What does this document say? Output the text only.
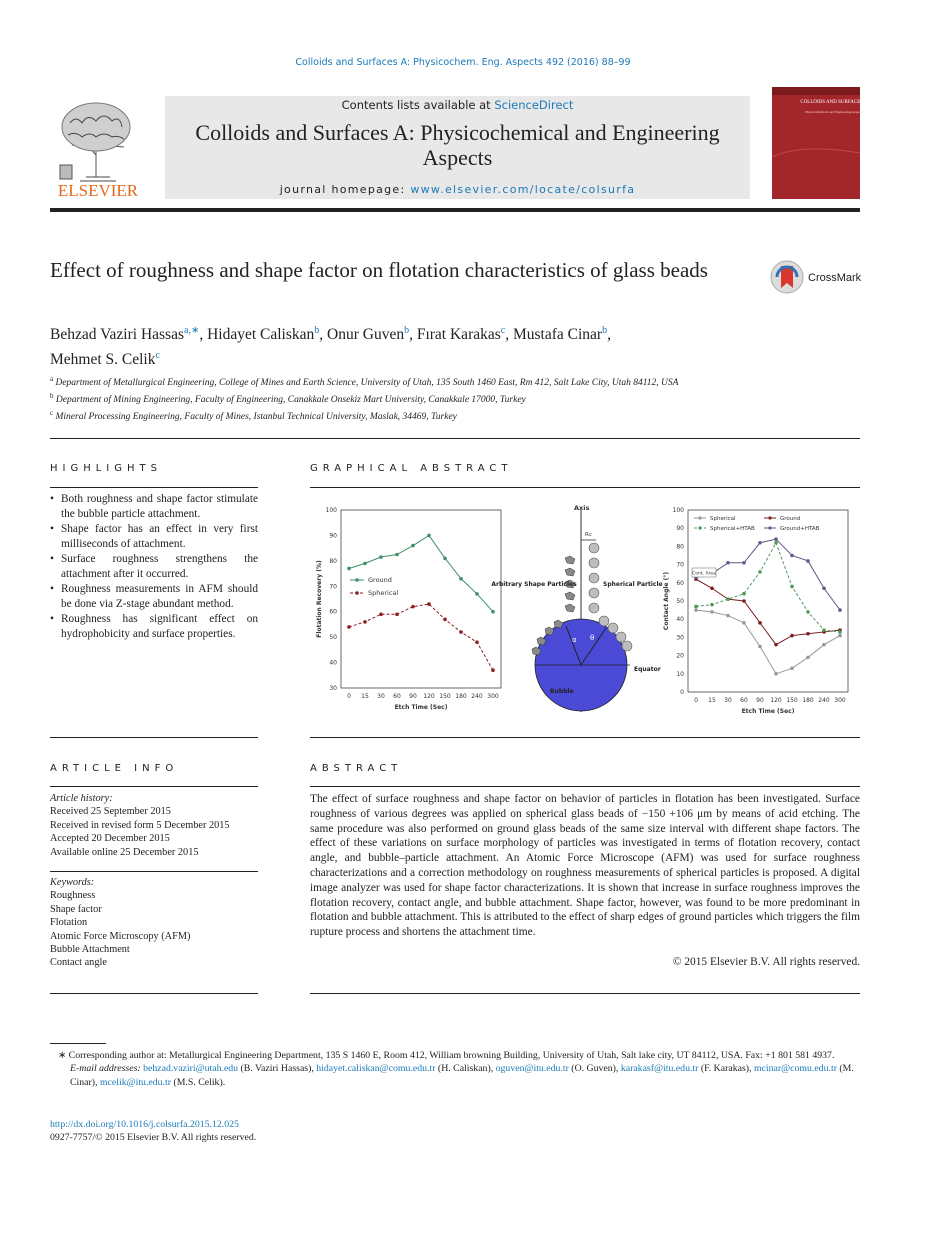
Colloids and Surfaces A: Physicochem. Eng. Aspects 492 (2016) 88–99
ELSEVIER
Contents lists available at ScienceDirect
Colloids and Surfaces A: Physicochemical and Engineering Aspects
journal homepage: www.elsevier.com/locate/colsurfa
COLLOIDS AND SURFACES A
Physicochemical and Engineering Aspects
Effect of roughness and shape factor on flotation characteristics of glass beads	CrossMark
Behzad Vaziri Hassas$^{a,∗}$, Hidayet Caliskan$^b$, Onur Guven$^b$, Fırat Karakas$^c$, Mustafa Cinar$^b$,
Mehmet S. Celik$^c$
$^a$ Department of Metallurgical Engineering, College of Mines and Earth Science, University of Utah, 135 South 1460 East, Rm 412, Salt Lake City, Utah 84112, USA
$^b$ Department of Mining Engineering, Faculty of Engineering, Canakkale Onsekiz Mart University, Canakkale 17000, Turkey
$^c$ Mineral Processing Engineering, Faculty of Mines, Istanbul Technical University, Maslak, 34469, Turkey
HIGHLIGHTS
• Both roughness and shape factor stimulate the bubble particle attachment.
• Shape factor has an effect in very first milliseconds of attachment.
• Surface roughness strengthens the attachment after it occurred.
• Roughness measurements in AFM should be done via Z-stage abundant method.
• Roughness has significant effect on hydrophobicity and surface properties.
GRAPHICAL ABSTRACT
0 15 30 60 90 120 150 180 240 300
30
40
50
60
70
80
90
100
Etch Time (Sec)
Flotation Recovery (%)	Ground
Spherical
0 15 30 60 90 120 150 180 240 300
0
10
20
30
40
50
60
70
80
90
100
Etch Time (Sec)
Contact Angle (°)
Spherical	Ground
Spherical+HTAB	Ground+HTAB
Cont. Area
Axis
Rc
θ
α
Bubble
Equator
Arbitrary Shape Particles	Spherical Particle
ARTICLE INFO
Article history:
Received 25 September 2015
Received in revised form 5 December 2015
Accepted 20 December 2015
Available online 25 December 2015
Keywords:
Roughness
Shape factor
Flotation
Atomic Force Microscopy (AFM)
Bubble Attachment
Contact angle
ABSTRACT
The effect of surface roughness and shape factor on behavior of particles in flotation has been investigated. Surface roughness of various degrees was applied on spherical glass beads of −150 +106 μm by means of acid etching. The same procedure was also performed on ground glass beads of the same size interval with different shape factors. The effect of these variations on surface morphology of particles was investigated in terms of flotation recovery, contact angle, and bubble–particle attachment. An Atomic Force Microscope (AFM) was used for surface roughness characterizations and a correction methodology on roughness measurements of spherical particles is proposed. A digital image analyzer was used for shape factor characterizations. It is shown that increase in surface roughness improves the flotation recovery, contact angle, and bubble attachment. Shape factor, however, was found to be more predominant in flotation and bubble attachment. This is attributed to the effect of sharp edges of ground particles which triggers the film rupture process and shortens the attachment time.
© 2015 Elsevier B.V. All rights reserved.
∗ Corresponding author at: Metallurgical Engineering Department, 135 S 1460 E, Room 412, William browning Building, University of Utah, Salt lake city, UT 84112, USA. Fax: +1 801 581 4937.
E-mail addresses: behzad.vaziri@utah.edu (B. Vaziri Hassas), hidayet.caliskan@comu.edu.tr (H. Caliskan), oguven@itu.edu.tr (O. Guven), karakasf@itu.edu.tr (F. Karakas), mcinar@comu.edu.tr (M. Cinar), mcelik@itu.edu.tr (M.S. Celik).
http://dx.doi.org/10.1016/j.colsurfa.2015.12.025
0927-7757/© 2015 Elsevier B.V. All rights reserved.
